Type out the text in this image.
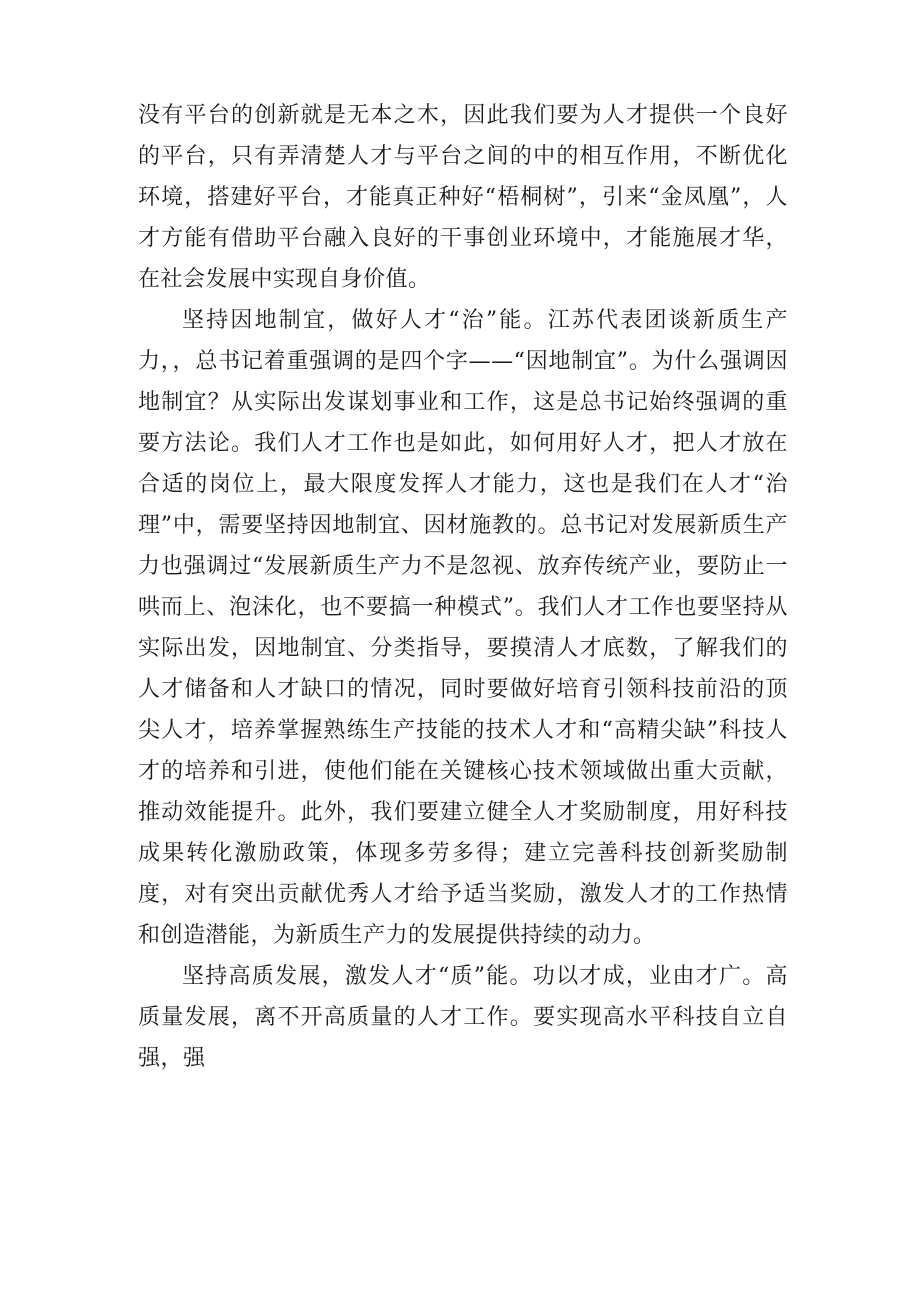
没有平台的创新就是无本之木，因此我们要为人才提供一个良好的平台，只有弄清楚人才与平台之间的中的相互作用，不断优化环境，搭建好平台，才能真正种好“梧桐树”，引来“金凤凰”，人才方能有借助平台融入良好的干事创业环境中，才能施展才华，在社会发展中实现自身价值。

坚持因地制宜，做好人才“治”能。江苏代表团谈新质生产力，，总书记着重强调的是四个字——“因地制宜”。为什么强调因地制宜？从实际出发谋划事业和工作，这是总书记始终强调的重要方法论。我们人才工作也是如此，如何用好人才，把人才放在合适的岗位上，最大限度发挥人才能力，这也是我们在人才“治理”中，需要坚持因地制宜、因材施教的。总书记对发展新质生产力也强调过“发展新质生产力不是忽视、放弃传统产业，要防止一哄而上、泡沫化，也不要搞一种模式”。我们人才工作也要坚持从实际出发，因地制宜、分类指导，要摸清人才底数，了解我们的人才储备和人才缺口的情况，同时要做好培育引领科技前沿的顶尖人才，培养掌握熟练生产技能的技术人才和“高精尖缺”科技人才的培养和引进，使他们能在关键核心技术领域做出重大贡献，推动效能提升。此外，我们要建立健全人才奖励制度，用好科技成果转化激励政策，体现多劳多得；建立完善科技创新奖励制度，对有突出贡献优秀人才给予适当奖励，激发人才的工作热情和创造潜能，为新质生产力的发展提供持续的动力。

坚持高质发展，激发人才“质”能。功以才成，业由才广。高质量发展，离不开高质量的人才工作。要实现高水平科技自立自强，强
